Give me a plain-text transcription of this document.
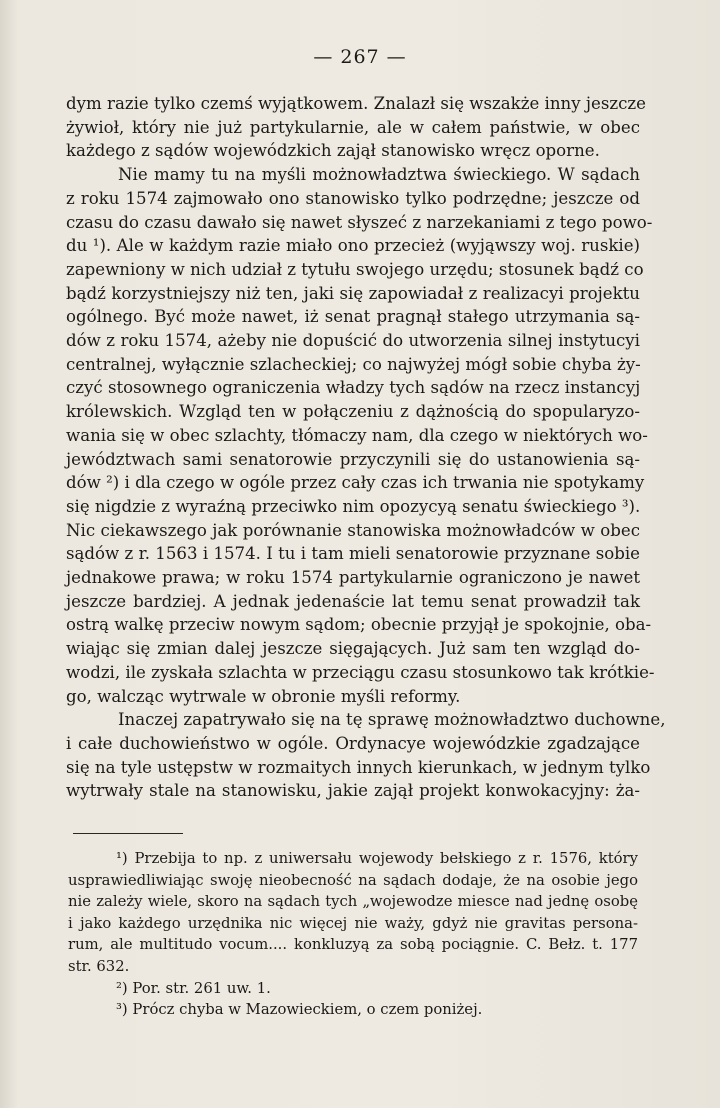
— 267 —
dym razie tylko czemś wyjątkowem. Znalazł się wszakże inny jeszcze
żywioł, który nie już partykularnie, ale w całem państwie, w obec
każdego z sądów wojewódzkich zajął stanowisko wręcz oporne.
Nie mamy tu na myśli możnowładztwa świeckiego. W sądach
z roku 1574 zajmowało ono stanowisko tylko podrzędne; jeszcze od
czasu do czasu dawało się nawet słyszeć z narzekaniami z tego powo-
du ¹). Ale w każdym razie miało ono przecież (wyjąwszy woj. ruskie)
zapewniony w nich udział z tytułu swojego urzędu; stosunek bądź co
bądź korzystniejszy niż ten, jaki się zapowiadał z realizacyi projektu
ogólnego. Być może nawet, iż senat pragnął stałego utrzymania są-
dów z roku 1574, ażeby nie dopuścić do utworzenia silnej instytucyi
centralnej, wyłącznie szlacheckiej; co najwyżej mógł sobie chyba ży-
czyć stosownego ograniczenia władzy tych sądów na rzecz instancyj
królewskich. Wzgląd ten w połączeniu z dążnością do spopularyzo-
wania się w obec szlachty, tłómaczy nam, dla czego w niektórych wo-
jewództwach sami senatorowie przyczynili się do ustanowienia są-
dów ²) i dla czego w ogóle przez cały czas ich trwania nie spotykamy
się nigdzie z wyraźną przeciwko nim opozycyą senatu świeckiego ³).
Nic ciekawszego jak porównanie stanowiska możnowładców w obec
sądów z r. 1563 i 1574. I tu i tam mieli senatorowie przyznane sobie
jednakowe prawa; w roku 1574 partykularnie ograniczono je nawet
jeszcze bardziej. A jednak jedenaście lat temu senat prowadził tak
ostrą walkę przeciw nowym sądom; obecnie przyjął je spokojnie, oba-
wiając się zmian dalej jeszcze sięgających. Już sam ten wzgląd do-
wodzi, ile zyskała szlachta w przeciągu czasu stosunkowo tak krótkie-
go, walcząc wytrwale w obronie myśli reformy.
Inaczej zapatrywało się na tę sprawę możnowładztwo duchowne,
i całe duchowieństwo w ogóle. Ordynacye wojewódzkie zgadzające
się na tyle ustępstw w rozmaitych innych kierunkach, w jednym tylko
wytrwały stale na stanowisku, jakie zajął projekt konwokacyjny: ża-
¹) Przebija to np. z uniwersału wojewody bełskiego z r. 1576, który
usprawiedliwiając swoję nieobecność na sądach dodaje, że na osobie jego
nie zależy wiele, skoro na sądach tych „wojewodze miesce nad jednę osobę
i jako każdego urzędnika nic więcej nie waży, gdyż nie gravitas persona-
rum, ale multitudo vocum.... konkluzyą za sobą pociągnie. C. Bełz. t. 177
str. 632.
²) Por. str. 261 uw. 1.
³) Prócz chyba w Mazowieckiem, o czem poniżej.
